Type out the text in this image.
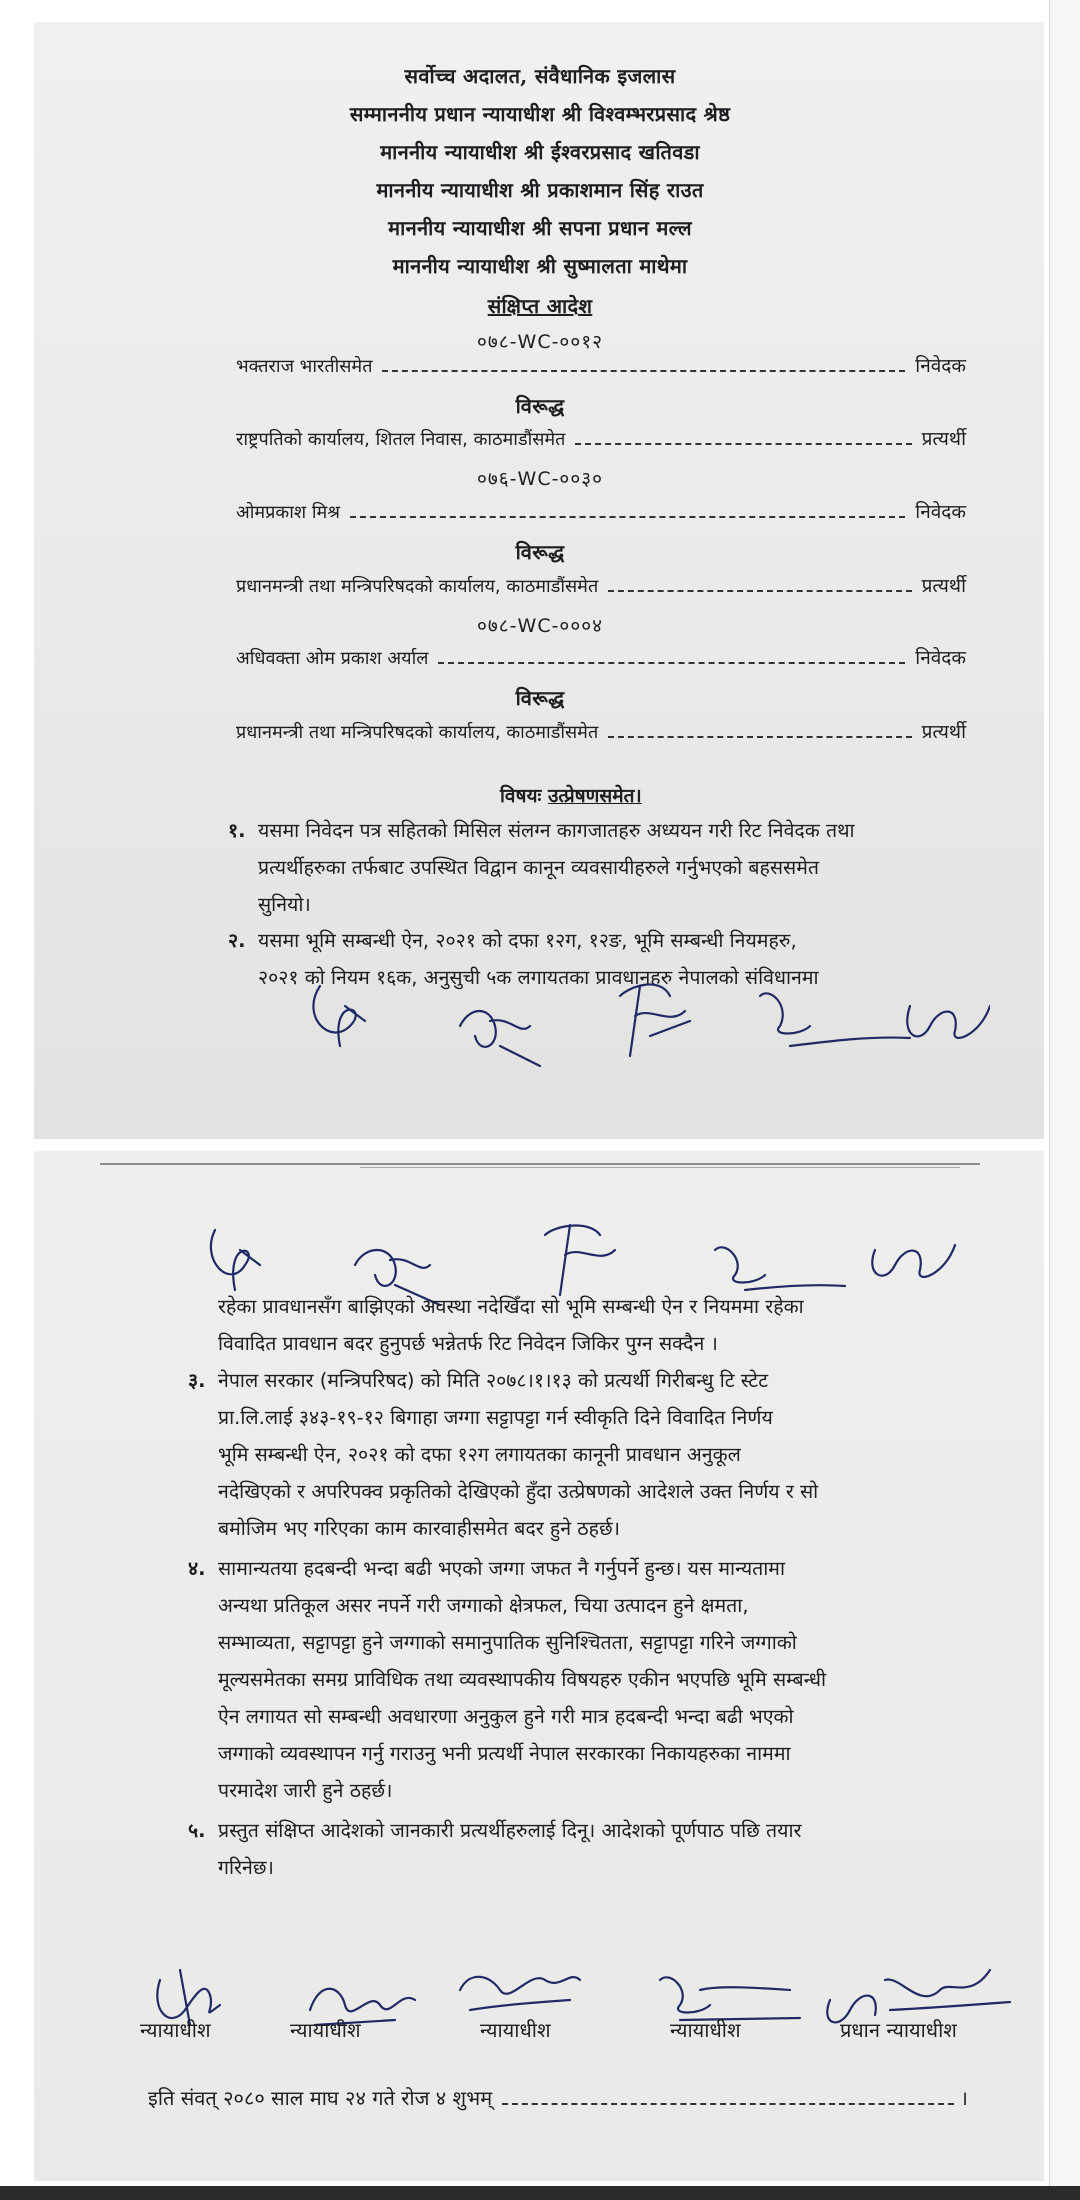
सर्वोच्च अदालत, संवैधानिक इजलास
सम्माननीय प्रधान न्यायाधीश श्री विश्वम्भरप्रसाद श्रेष्ठ
माननीय न्यायाधीश श्री ईश्वरप्रसाद खतिवडा
माननीय न्यायाधीश श्री प्रकाशमान सिंह राउत
माननीय न्यायाधीश श्री सपना प्रधान मल्ल
माननीय न्यायाधीश श्री सुष्मालता माथेमा
संक्षिप्त आदेश
०७८-WC-००१२
भक्तराज भारतीसमेत	निवेदक
विरूद्ध
राष्ट्रपतिको कार्यालय, शितल निवास, काठमाडौंसमेत	प्रत्यर्थी
०७६-WC-००३०
ओमप्रकाश मिश्र	निवेदक
विरूद्ध
प्रधानमन्त्री तथा मन्त्रिपरिषदको कार्यालय, काठमाडौंसमेत	प्रत्यर्थी
०७८-WC-०००४
अधिवक्ता ओम प्रकाश अर्याल	निवेदक
विरूद्ध
प्रधानमन्त्री तथा मन्त्रिपरिषदको कार्यालय, काठमाडौंसमेत	प्रत्यर्थी
विषयः उत्प्रेषणसमेत।
१. यसमा निवेदन पत्र सहितको मिसिल संलग्न कागजातहरु अध्ययन गरी रिट निवेदक तथा
प्रत्यर्थीहरुका तर्फबाट उपस्थित विद्वान कानून व्यवसायीहरुले गर्नुभएको बहससमेत
सुनियो।
२. यसमा भूमि सम्बन्धी ऐन, २०२१ को दफा १२ग, १२ङ, भूमि सम्बन्धी नियमहरु,
२०२१ को नियम १६क, अनुसुची ५क लगायतका प्रावधानहरु नेपालको संविधानमा
रहेका प्रावधानसँग बाझिएको अवस्था नदेखिँदा सो भूमि सम्बन्धी ऐन र नियममा रहेका
विवादित प्रावधान बदर हुनुपर्छ भन्नेतर्फ रिट निवेदन जिकिर पुग्न सक्दैन ।
३. नेपाल सरकार (मन्त्रिपरिषद) को मिति २०७८।१।१३ को प्रत्यर्थी गिरीबन्धु टि स्टेट
प्रा.लि.लाई ३४३-१९-१२ बिगाहा जग्गा सट्टापट्टा गर्न स्वीकृति दिने विवादित निर्णय
भूमि सम्बन्धी ऐन, २०२१ को दफा १२ग लगायतका कानूनी प्रावधान अनुकूल
नदेखिएको र अपरिपक्व प्रकृतिको देखिएको हुँदा उत्प्रेषणको आदेशले उक्त निर्णय र सो
बमोजिम भए गरिएका काम कारवाहीसमेत बदर हुने ठहर्छ।
४. सामान्यतया हदबन्दी भन्दा बढी भएको जग्गा जफत नै गर्नुपर्ने हुन्छ। यस मान्यतामा
अन्यथा प्रतिकूल असर नपर्ने गरी जग्गाको क्षेत्रफल, चिया उत्पादन हुने क्षमता,
सम्भाव्यता, सट्टापट्टा हुने जग्गाको समानुपातिक सुनिश्चितता, सट्टापट्टा गरिने जग्गाको
मूल्यसमेतका समग्र प्राविधिक तथा व्यवस्थापकीय विषयहरु एकीन भएपछि भूमि सम्बन्धी
ऐन लगायत सो सम्बन्धी अवधारणा अनुकुल हुने गरी मात्र हदबन्दी भन्दा बढी भएको
जग्गाको व्यवस्थापन गर्नु गराउनु भनी प्रत्यर्थी नेपाल सरकारका निकायहरुका नाममा
परमादेश जारी हुने ठहर्छ।
५. प्रस्तुत संक्षिप्त आदेशको जानकारी प्रत्यर्थीहरुलाई दिनू। आदेशको पूर्णपाठ पछि तयार
गरिनेछ।
न्यायाधीश	न्यायाधीश	न्यायाधीश	न्यायाधीश	प्रधान न्यायाधीश
इति संवत् २०८० साल माघ २४ गते रोज ४ शुभम्	।
